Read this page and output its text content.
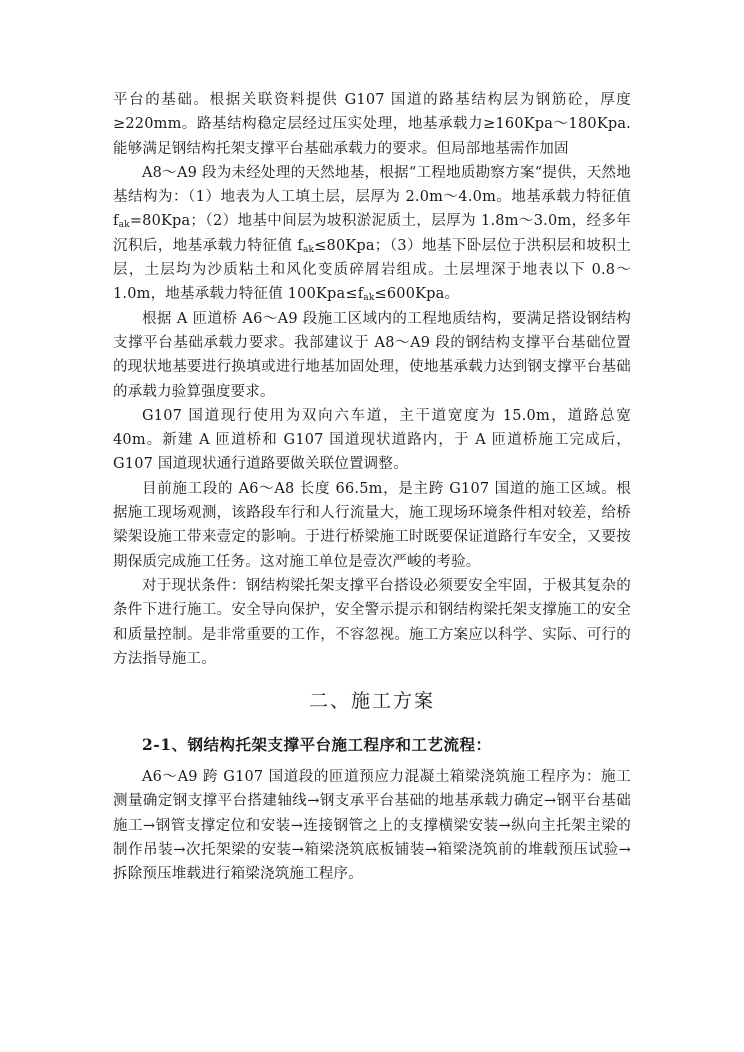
平台的基础。根据关联资料提供 G107 国道的路基结构层为钢筋砼，厚度≥220mm。路基结构稳定层经过压实处理，地基承载力≥160Kpa～180Kpa.能够满足钢结构托架支撑平台基础承载力的要求。但局部地基需作加固

A8～A9 段为未经处理的天然地基，根据“工程地质勘察方案“提供，天然地基结构为：（1）地表为人工填土层，层厚为 2.0m～4.0m。地基承载力特征值 $f_{ak}=80Kpa$；（2）地基中间层为坡积淤泥质土，层厚为 1.8m～3.0m，经多年沉积后，地基承载力特征值 $f_{ak}\le 80Kpa$；（3）地基下卧层位于洪积层和坡积土层，土层均为沙质粘土和风化变质碎屑岩组成。土层埋深于地表以下 0.8～1.0m，地基承载力特征值 $100Kpa\le f_{ak}\le 600Kpa$。

根据 A 匝道桥 A6～A9 段施工区域内的工程地质结构，要满足搭设钢结构支撑平台基础承载力要求。我部建议于 A8～A9 段的钢结构支撑平台基础位置的现状地基要进行换填或进行地基加固处理，使地基承载力达到钢支撑平台基础的承载力验算强度要求。

G107 国道现行使用为双向六车道，主干道宽度为 15.0m，道路总宽40m。新建 A 匝道桥和 G107 国道现状道路内，于 A 匝道桥施工完成后，G107 国道现状通行道路要做关联位置调整。

目前施工段的 A6～A8 长度 66.5m，是主跨 G107 国道的施工区域。根据施工现场观测，该路段车行和人行流量大，施工现场环境条件相对较差，给桥梁架设施工带来壹定的影响。于进行桥梁施工时既要保证道路行车安全，又要按期保质完成施工任务。这对施工单位是壹次严峻的考验。

对于现状条件：钢结构梁托架支撑平台搭设必须要安全牢固，于极其复杂的条件下进行施工。安全导向保护，安全警示提示和钢结构梁托架支撑施工的安全和质量控制。是非常重要的工作，不容忽视。施工方案应以科学、实际、可行的方法指导施工。

二、施工方案
2-1、钢结构托架支撑平台施工程序和工艺流程：

A6～A9 跨 G107 国道段的匝道预应力混凝土箱梁浇筑施工程序为：施工测量确定钢支撑平台搭建轴线→钢支承平台基础的地基承载力确定→钢平台基础施工→钢管支撑定位和安装→连接钢管之上的支撑横梁安装→纵向主托架主梁的制作吊装→次托架梁的安装→箱梁浇筑底板铺装→箱梁浇筑前的堆载预压试验→拆除预压堆载进行箱梁浇筑施工程序。
